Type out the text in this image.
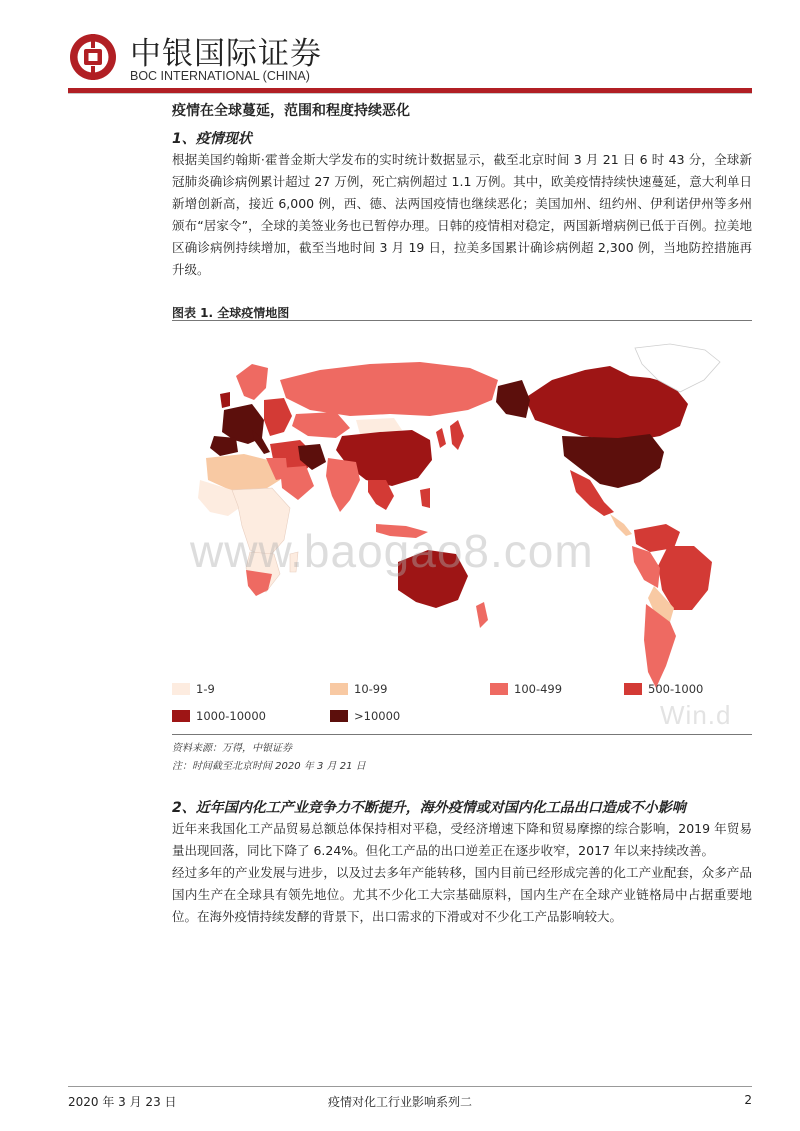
中银国际证券
BOC INTERNATIONAL (CHINA)
疫情在全球蔓延，范围和程度持续恶化
1、疫情现状
根据美国约翰斯·霍普金斯大学发布的实时统计数据显示，截至北京时间 3 月 21 日 6 时 43 分，全球新冠肺炎确诊病例累计超过 27 万例，死亡病例超过 1.1 万例。其中，欧美疫情持续快速蔓延，意大利单日新增创新高，接近 6,000 例，西、德、法两国疫情也继续恶化；美国加州、纽约州、伊利诺伊州等多州颁布“居家令”，全球的美签业务也已暂停办理。日韩的疫情相对稳定，两国新增病例已低于百例。拉美地区确诊病例持续增加，截至当地时间 3 月 19 日，拉美多国累计确诊病例超 2,300 例，当地防控措施再升级。
图表 1. 全球疫情地图
www.baogao8.com
1-9	10-99	100-499	500-1000
1000-10000	>10000	Win.d
资料来源：万得，中银证券
注：时间截至北京时间 2020 年 3 月 21 日
2、近年国内化工产业竞争力不断提升，海外疫情或对国内化工品出口造成不小影响
近年来我国化工产品贸易总额总体保持相对平稳，受经济增速下降和贸易摩擦的综合影响，2019 年贸易量出现回落，同比下降了 6.24%。但化工产品的出口逆差正在逐步收窄，2017 年以来持续改善。
经过多年的产业发展与进步，以及过去多年产能转移，国内目前已经形成完善的化工产业配套，众多产品国内生产在全球具有领先地位。尤其不少化工大宗基础原料，国内生产在全球产业链格局中占据重要地位。在海外疫情持续发酵的背景下，出口需求的下滑或对不少化工产品影响较大。
2020 年 3 月 23 日	疫情对化工行业影响系列二	2
